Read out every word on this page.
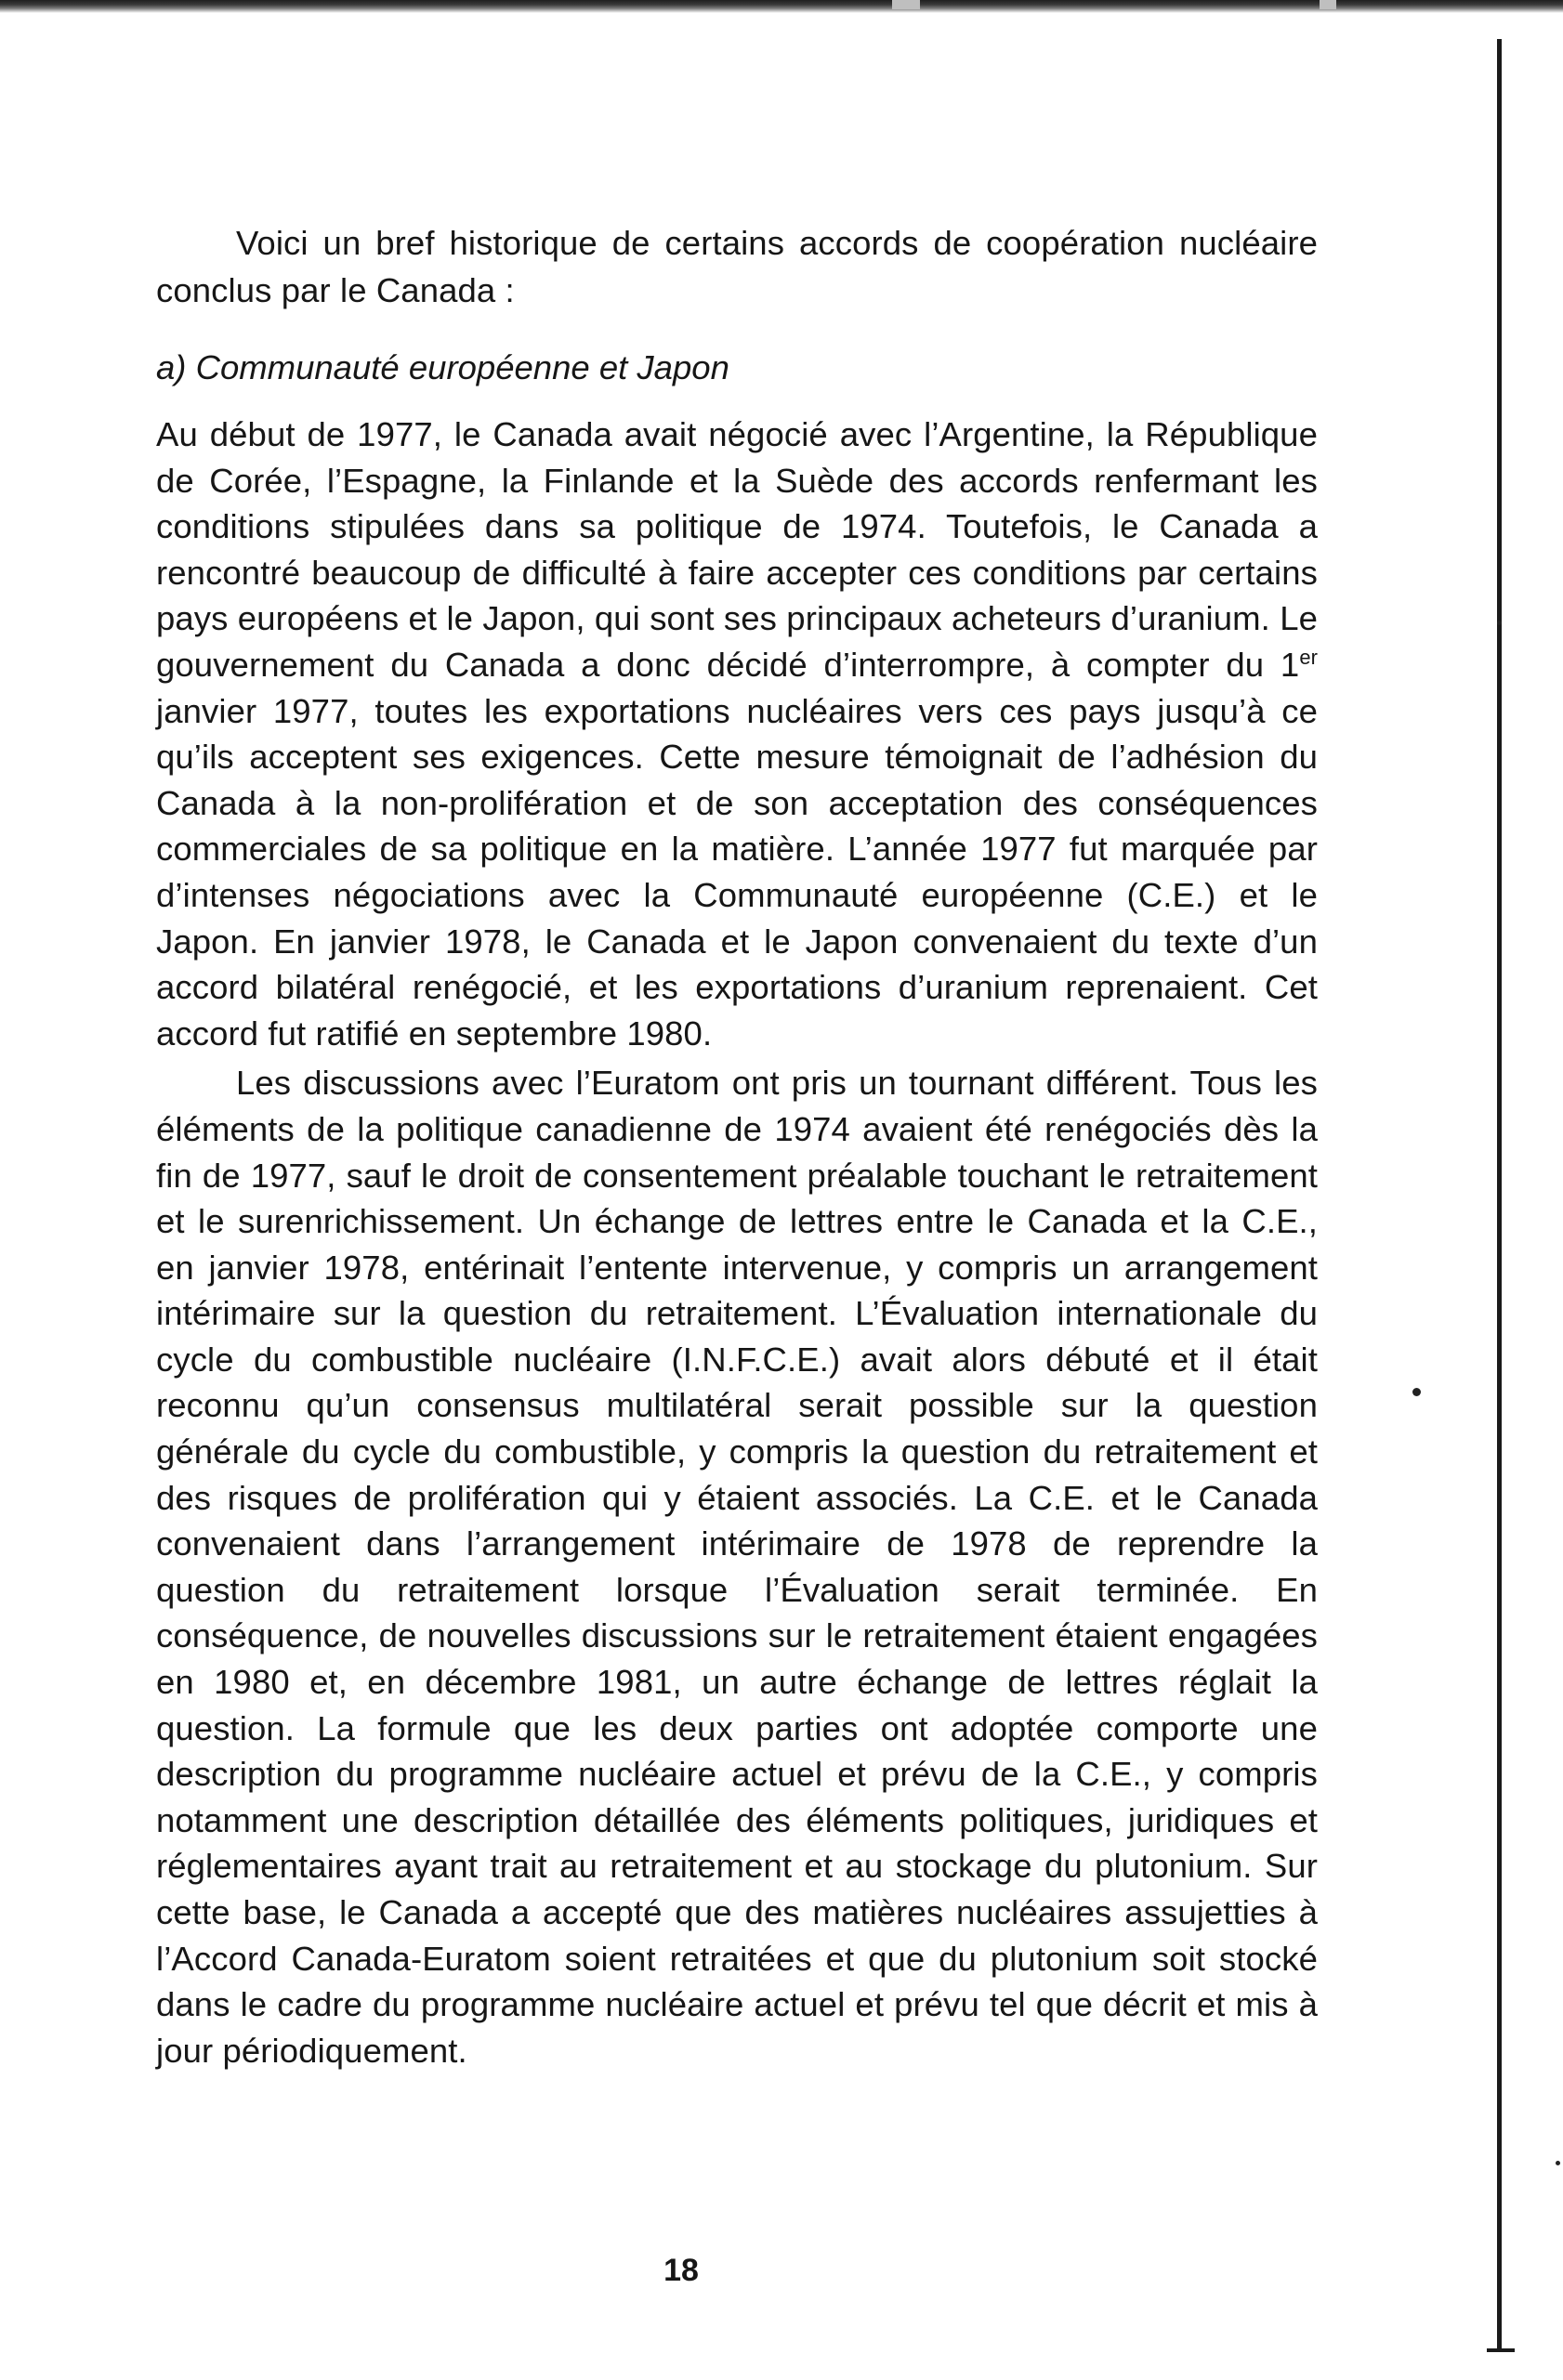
Voici un bref historique de certains accords de coopération nucléaire conclus par le Canada :

a) Communauté européenne et Japon

Au début de 1977, le Canada avait négocié avec l’Argentine, la République de Corée, l’Espagne, la Finlande et la Suède des accords renfermant les conditions stipulées dans sa politique de 1974. Toutefois, le Canada a rencontré beaucoup de difficulté à faire accepter ces conditions par certains pays européens et le Japon, qui sont ses principaux acheteurs d’uranium. Le gouvernement du Canada a donc décidé d’interrompre, à compter du 1er janvier 1977, toutes les exportations nucléaires vers ces pays jusqu’à ce qu’ils acceptent ses exigences. Cette mesure témoignait de l’adhésion du Canada à la non-prolifération et de son acceptation des conséquences commerciales de sa politique en la matière. L’année 1977 fut marquée par d’intenses négociations avec la Communauté européenne (C.E.) et le Japon. En janvier 1978, le Canada et le Japon convenaient du texte d’un accord bilatéral renégocié, et les exportations d’uranium reprenaient. Cet accord fut ratifié en septembre 1980.

Les discussions avec l’Euratom ont pris un tournant différent. Tous les éléments de la politique canadienne de 1974 avaient été renégociés dès la fin de 1977, sauf le droit de consentement préalable touchant le retraitement et le surenrichissement. Un échange de lettres entre le Canada et la C.E., en janvier 1978, entérinait l’entente intervenue, y compris un arrangement intérimaire sur la question du retraitement. L’Évaluation internationale du cycle du combustible nucléaire (I.N.F.C.E.) avait alors débuté et il était reconnu qu’un consensus multilatéral serait possible sur la question générale du cycle du combustible, y compris la question du retraitement et des risques de prolifération qui y étaient associés. La C.E. et le Canada convenaient dans l’arrangement intérimaire de 1978 de reprendre la question du retraitement lorsque l’Évaluation serait terminée. En conséquence, de nouvelles discussions sur le retraitement étaient engagées en 1980 et, en décembre 1981, un autre échange de lettres réglait la question. La formule que les deux parties ont adoptée comporte une description du programme nucléaire actuel et prévu de la C.E., y compris notamment une description détaillée des éléments politiques, juridiques et réglementaires ayant trait au retraitement et au stockage du plutonium. Sur cette base, le Canada a accepté que des matières nucléaires assujetties à l’Accord Canada-Euratom soient retraitées et que du plutonium soit stocké dans le cadre du programme nucléaire actuel et prévu tel que décrit et mis à jour périodiquement.

18
